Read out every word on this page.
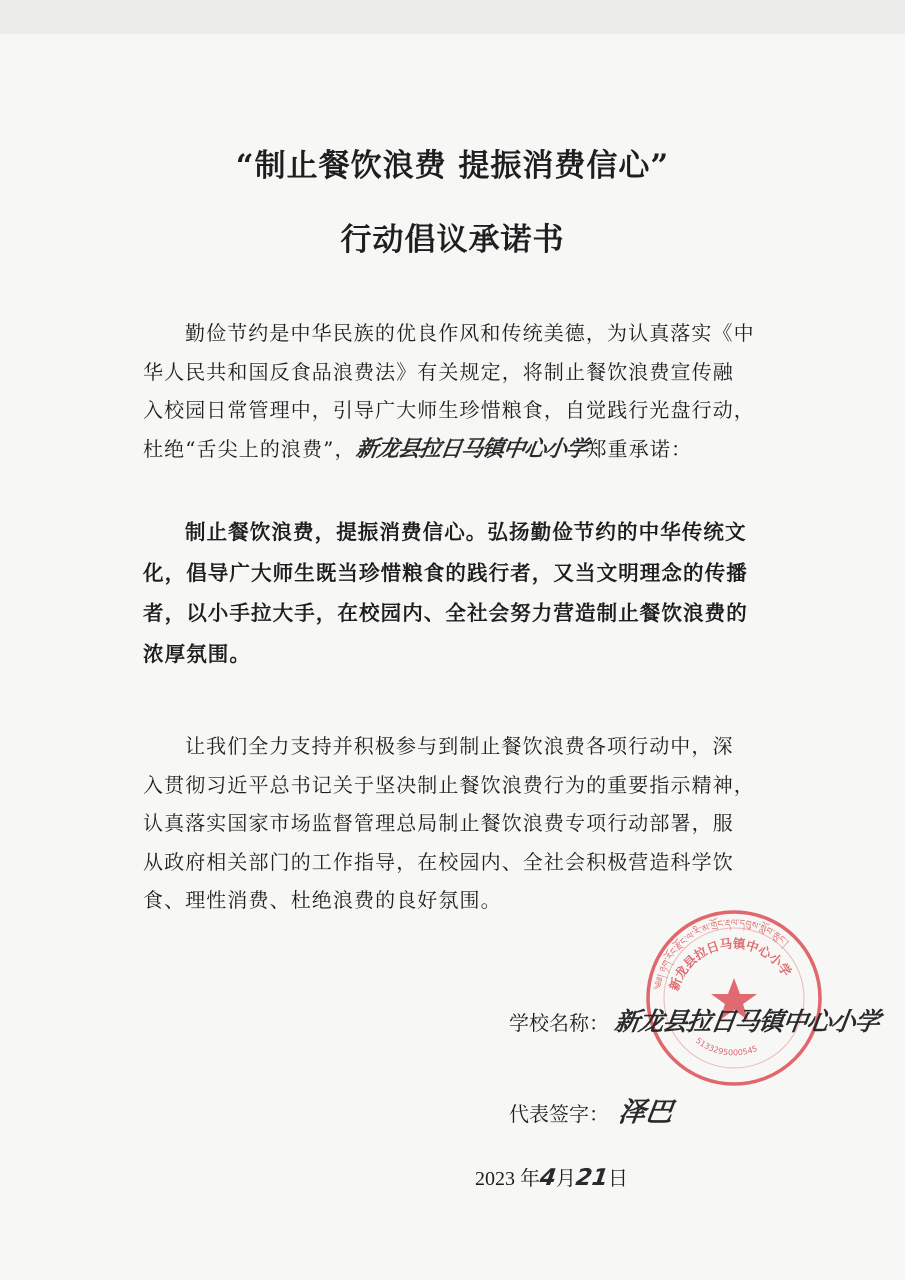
“制止餐饮浪费 提振消费信心”
行动倡议承诺书
勤俭节约是中华民族的优良作风和传统美德，为认真落实《中
华人民共和国反食品浪费法》有关规定，将制止餐饮浪费宣传融
入校园日常管理中，引导广大师生珍惜粮食，自觉践行光盘行动，
杜绝“舌尖上的浪费”，新龙县拉日马镇中心小学郑重承诺：
制止餐饮浪费，提振消费信心。弘扬勤俭节约的中华传统文
化，倡导广大师生既当珍惜粮食的践行者，又当文明理念的传播
者，以小手拉大手，在校园内、全社会努力营造制止餐饮浪费的
浓厚氛围。
让我们全力支持并积极参与到制止餐饮浪费各项行动中，深
入贯彻习近平总书记关于坚决制止餐饮浪费行为的重要指示精神，
认真落实国家市场监督管理总局制止餐饮浪费专项行动部署，服
从政府相关部门的工作指导，在校园内、全社会积极营造科学饮
食、理性消费、杜绝浪费的良好氛围。
༄༅། ཉག་རོང་རྫོང་ལ་རི་མ་གྲོང་རྡལ་དབུས་སློབ་ཆུང་།
新龙县拉日马镇中心小学
5133295000545
学校名称： 新龙县拉日马镇中心小学
代表签字： 泽巴
2023 年4月21日
